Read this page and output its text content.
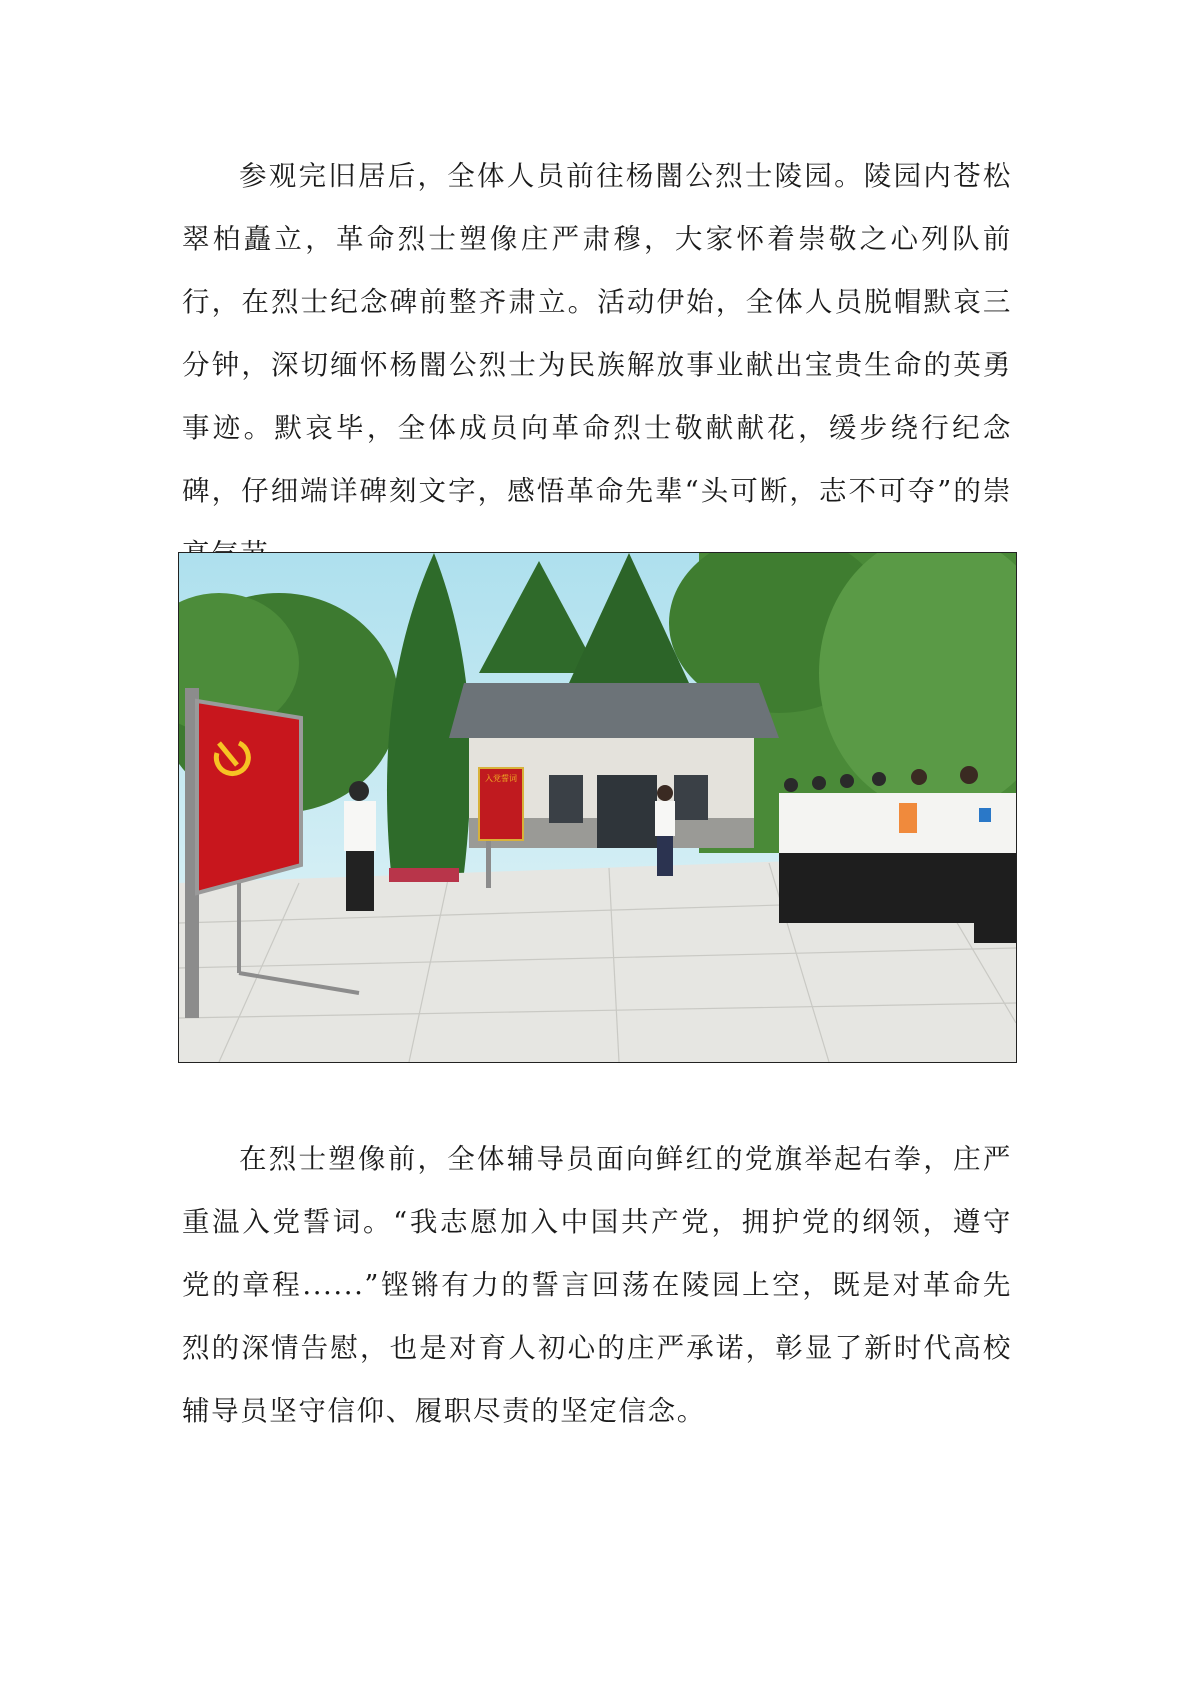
参观完旧居后，全体人员前往杨闇公烈士陵园。陵园内苍松翠柏矗立，革命烈士塑像庄严肃穆，大家怀着崇敬之心列队前行，在烈士纪念碑前整齐肃立。活动伊始，全体人员脱帽默哀三分钟，深切缅怀杨闇公烈士为民族解放事业献出宝贵生命的英勇事迹。默哀毕，全体成员向革命烈士敬献献花，缓步绕行纪念碑，仔细端详碑刻文字，感悟革命先辈“头可断，志不可夺”的崇

入党誓词

在烈士塑像前，全体辅导员面向鲜红的党旗举起右拳，庄严重温入党誓词。“我志愿加入中国共产党，拥护党的纲领，遵守党的章程......”铿锵有力的誓言回荡在陵园上空，既是对革命先烈的深情告慰，也是对育人初心的庄严承诺，彰显了新时代高校辅导员坚守信仰、履职尽责的坚定信念。
